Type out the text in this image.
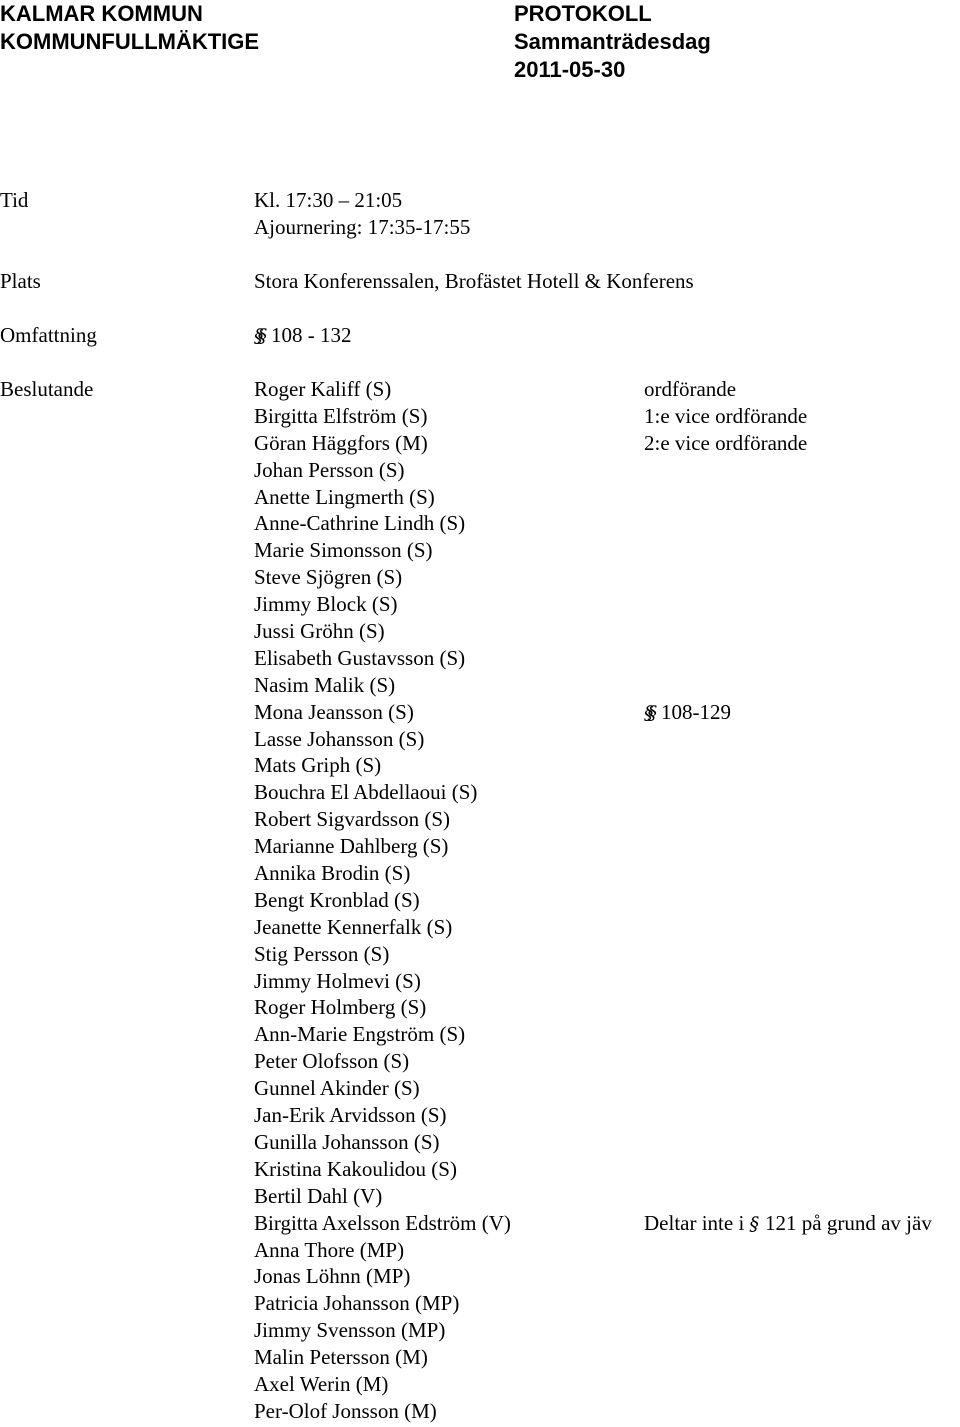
KALMAR KOMMUN
KOMMUNFULLMÄKTIGE
PROTOKOLL
Sammanträdesdag
2011-05-30
Tid	Kl. 17:30 – 21:05
Ajournering: 17:35-17:55
Plats	Stora Konferenssalen, Brofästet Hotell & Konferens
Omfattning	§§ 108 - 132
Beslutande	Roger Kaliff (S)	ordförande
Birgitta Elfström (S)	1:e vice ordförande
Göran Häggfors (M)	2:e vice ordförande
Johan Persson (S)
Anette Lingmerth (S)
Anne-Cathrine Lindh (S)
Marie Simonsson (S)
Steve Sjögren (S)
Jimmy Block (S)
Jussi Gröhn (S)
Elisabeth Gustavsson (S)
Nasim Malik (S)
Mona Jeansson (S)	§§ 108-129
Lasse Johansson (S)
Mats Griph (S)
Bouchra El Abdellaoui (S)
Robert Sigvardsson (S)
Marianne Dahlberg (S)
Annika Brodin (S)
Bengt Kronblad (S)
Jeanette Kennerfalk (S)
Stig Persson (S)
Jimmy Holmevi (S)
Roger Holmberg (S)
Ann-Marie Engström (S)
Peter Olofsson (S)
Gunnel Akinder (S)
Jan-Erik Arvidsson (S)
Gunilla Johansson (S)
Kristina Kakoulidou (S)
Bertil Dahl (V)
Birgitta Axelsson Edström (V)	Deltar inte i § 121 på grund av jäv
Anna Thore (MP)
Jonas Löhnn (MP)
Patricia Johansson (MP)
Jimmy Svensson (MP)
Malin Petersson (M)
Axel Werin (M)
Per-Olof Jonsson (M)
